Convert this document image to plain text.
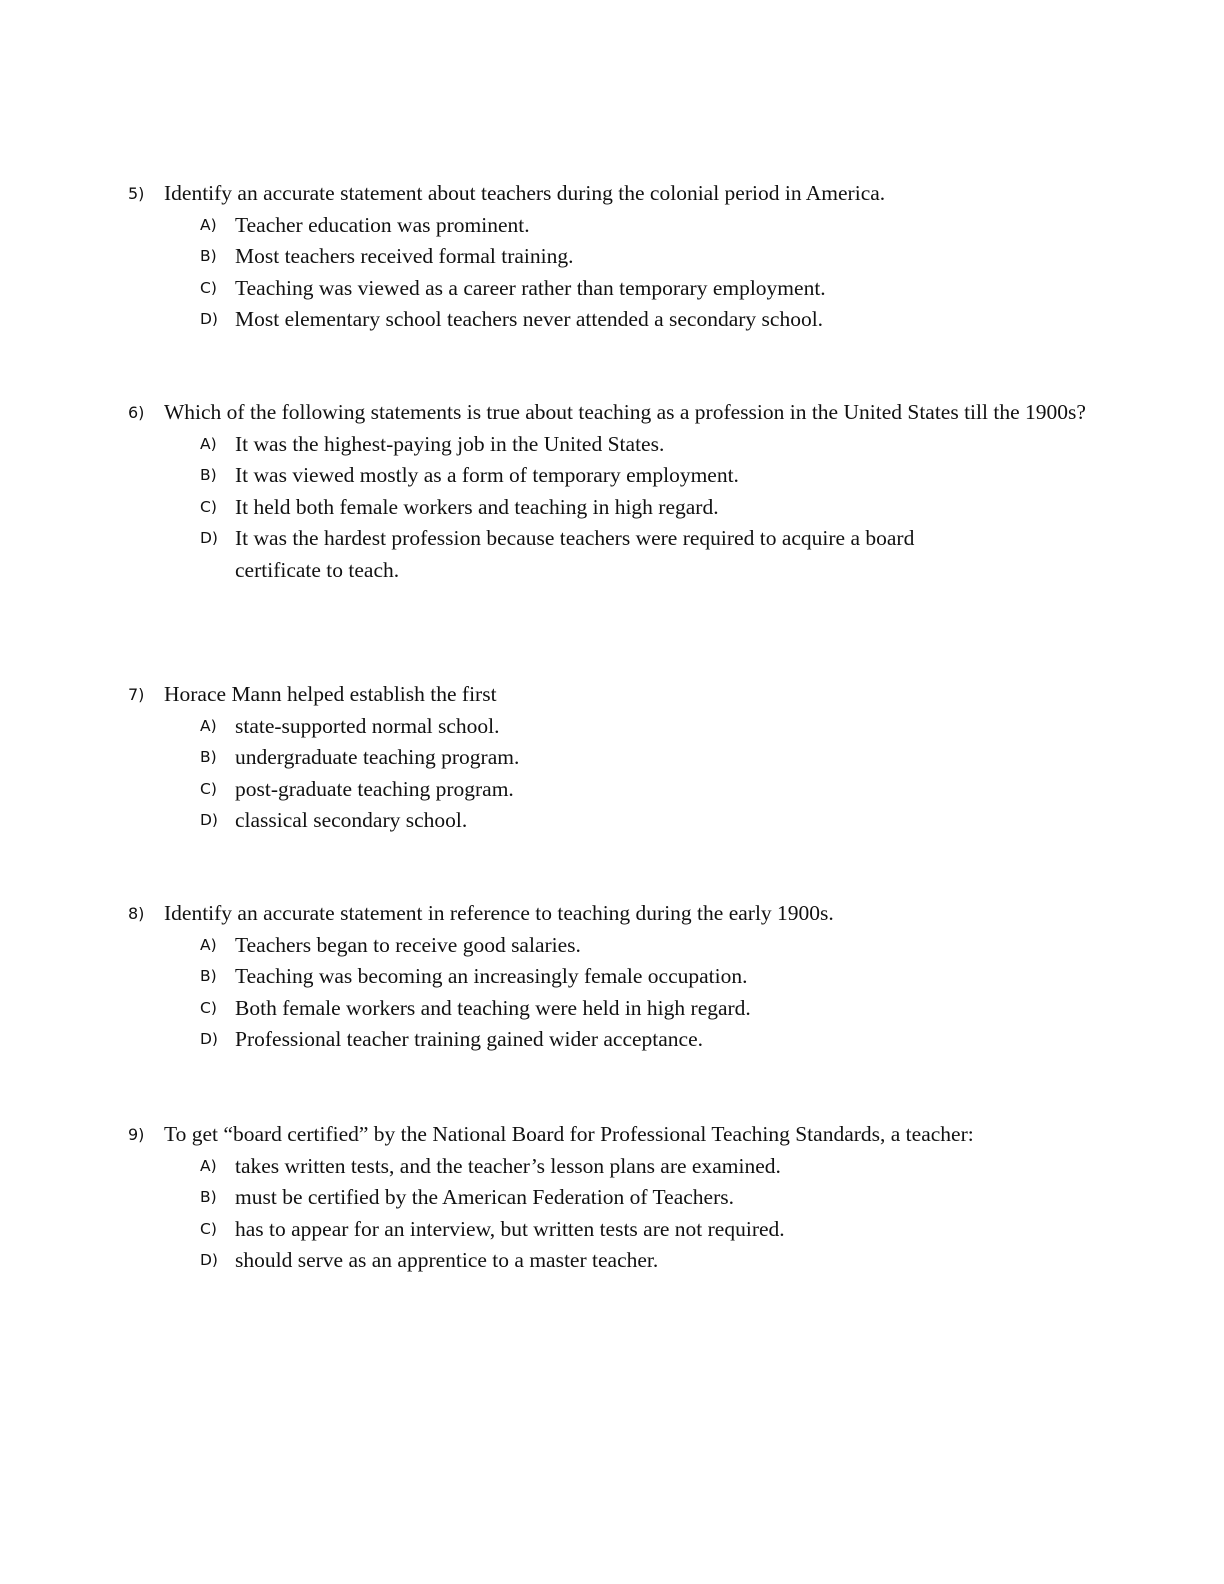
5) Identify an accurate statement about teachers during the colonial period in America.
A) Teacher education was prominent.
B) Most teachers received formal training.
C) Teaching was viewed as a career rather than temporary employment.
D) Most elementary school teachers never attended a secondary school.
6) Which of the following statements is true about teaching as a profession in the United States till the 1900s?
A) It was the highest-paying job in the United States.
B) It was viewed mostly as a form of temporary employment.
C) It held both female workers and teaching in high regard.
D) It was the hardest profession because teachers were required to acquire a board certificate to teach.
7) Horace Mann helped establish the first
A) state-supported normal school.
B) undergraduate teaching program.
C) post-graduate teaching program.
D) classical secondary school.
8) Identify an accurate statement in reference to teaching during the early 1900s.
A) Teachers began to receive good salaries.
B) Teaching was becoming an increasingly female occupation.
C) Both female workers and teaching were held in high regard.
D) Professional teacher training gained wider acceptance.
9) To get “board certified” by the National Board for Professional Teaching Standards, a teacher:
A) takes written tests, and the teacher’s lesson plans are examined.
B) must be certified by the American Federation of Teachers.
C) has to appear for an interview, but written tests are not required.
D) should serve as an apprentice to a master teacher.
